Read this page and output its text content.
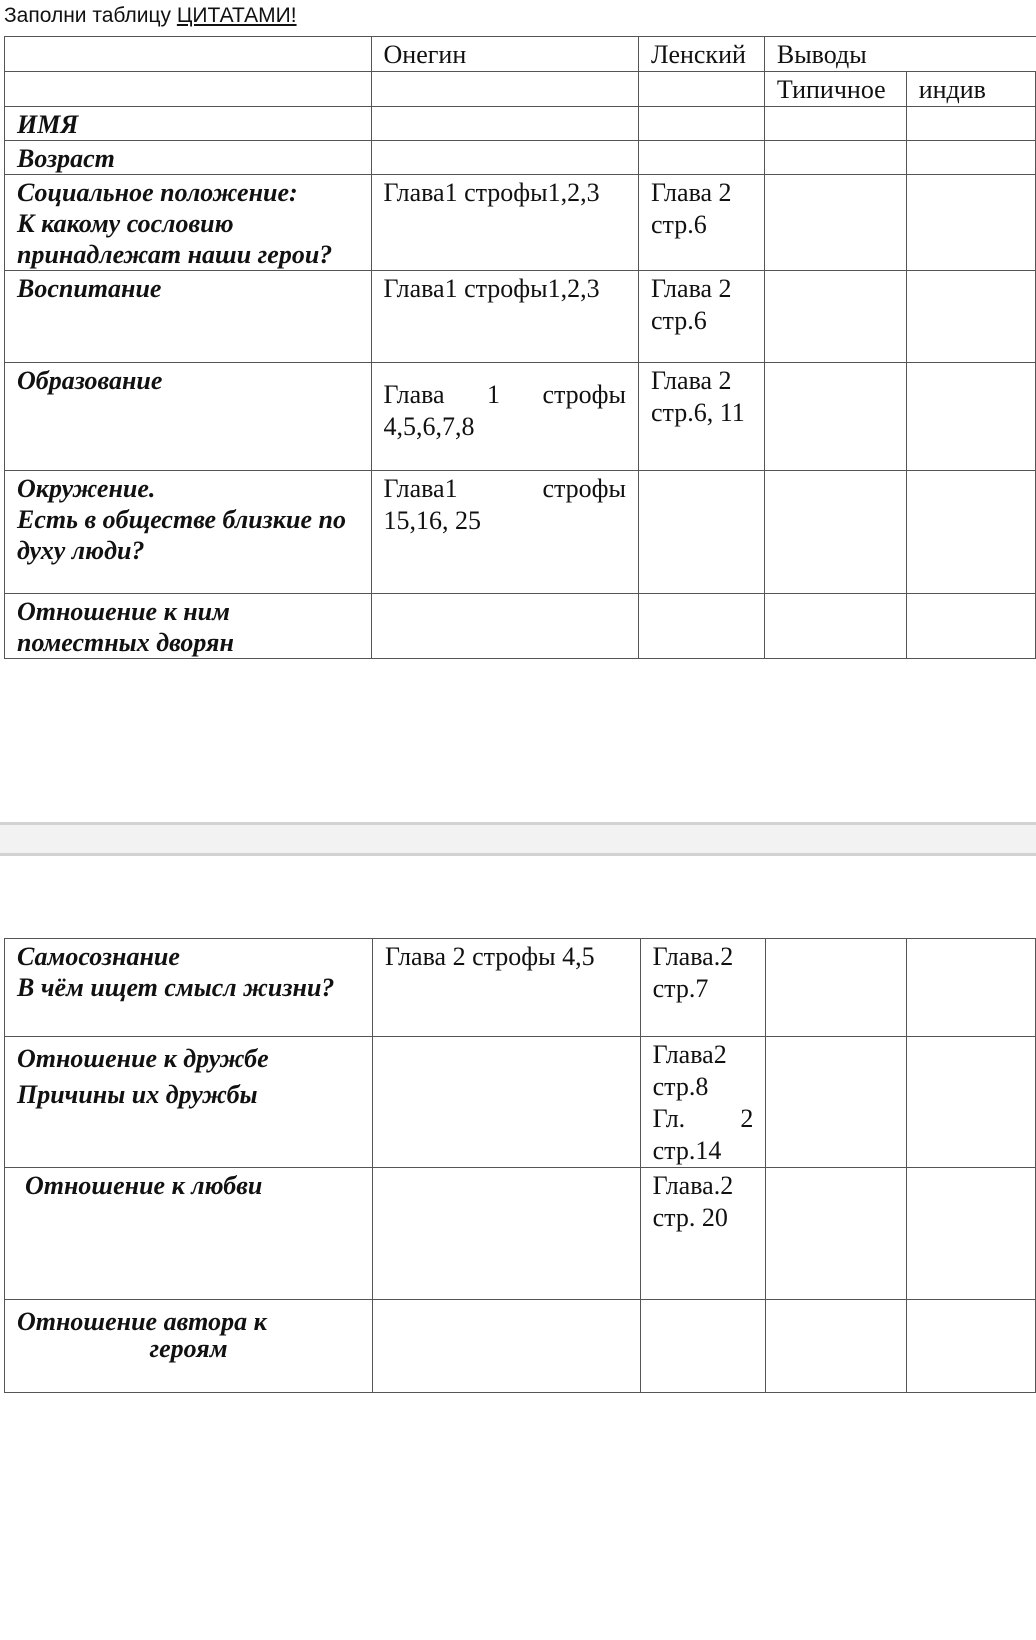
Заполни таблицу ЦИТАТАМИ!
	Онегин	Ленский	Выводы	
			Типичное	индив
ИМЯ				
Возраст				

Социальное положение:
К какому сословию
принадлежат наши герои?	Глава1 строфы1,2,3	Глава 2
стр.6		

Воспитание	Глава1 строфы1,2,3	Глава 2
стр.6		

Образование	Глава 1 строфы
4,5,6,7,8	Глава 2
стр.6, 11		

Окружение.
Есть в обществе близкие по
духу люди?	Глава1 строфы
15,16, 25			

Отношение к ним
поместных дворян				

Самосознание
В чём ищет смысл жизни?	Глава 2 строфы 4,5	Глава.2
стр.7		

Отношение к дружбе
Причины их дружбы		Глава2
стр.8
Гл. 2
стр.14		

Отношение к любви		Глава.2
стр. 20		

Отношение автора к
героям				
